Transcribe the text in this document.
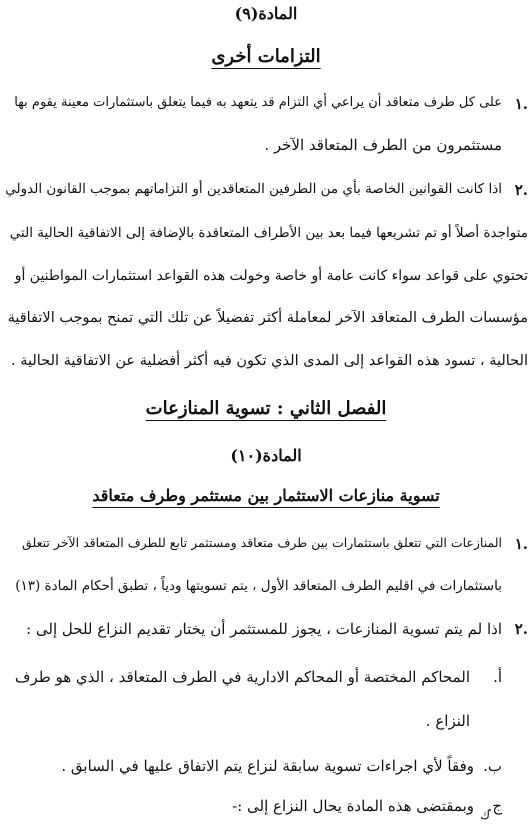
المادة(٩)
التزامات أخرى
١.
على كل طرف متعاقد أن يراعي أي التزام قد يتعهد به فيما يتعلق باستثمارات معينة يقوم بها
مستثمرون من الطرف المتعاقد الآخر .
٢.
اذا كانت القوانين الخاصة بأي من الطرفين المتعاقدين أو التزاماتهم بموجب القانون الدولي
متواجدة أصلاً أو تم تشريعها فيما بعد بين الأطراف المتعاقدة بالإضافة إلى الاتفاقية الحالية التي
تحتوي على قواعد سواء كانت عامة أو خاصة وخولت هذه القواعد استثمارات المواطنين أو
مؤسسات الطرف المتعاقد الآخر لمعاملة أكثر تفضيلاً عن تلك التي تمنح بموجب الاتفاقية
الحالية ، تسود هذه القواعد إلى المدى الذي تكون فيه أكثر أفضلية عن الاتفاقية الحالية .
الفصل الثاني : تسوية المنازعات
المادة(١٠)
تسوية منازعات الاستثمار بين مستثمر وطرف متعاقد
١.
المنازعات التي تتعلق باستثمارات بين طرف متعاقد ومستثمر تابع للطرف المتعاقد الآخر تتعلق
باستثمارات في اقليم الطرف المتعاقد الأول ، يتم تسويتها ودياً ، تطبق أحكام المادة (١٣)
٢.
اذا لم يتم تسوية المنازعات ، يجوز للمستثمر أن يختار تقديم النزاع للحل إلى :
أ.
المحاكم المختصة أو المحاكم الادارية في الطرف المتعاقد ، الذي هو طرف
النزاع .
ب.
وفقاً لأي اجراءات تسوية سابقة لنزاع يتم الاتفاق عليها في السابق .
ج.
وبمقتضى هذه المادة يحال النزاع إلى :- ك
